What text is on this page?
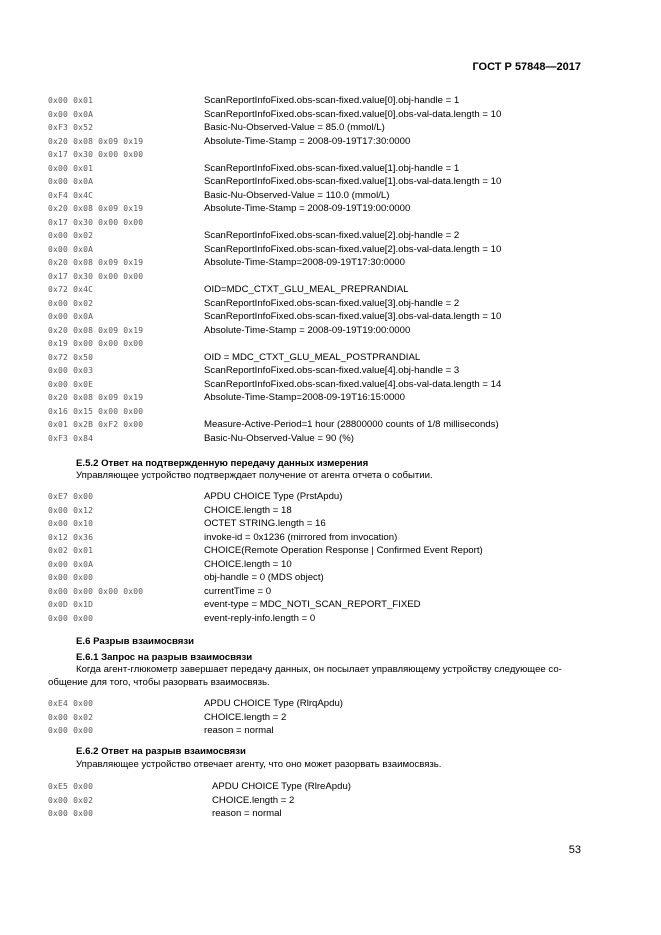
ГОСТ Р 57848—2017
0x00 0x01	ScanReportInfoFixed.obs-scan-fixed.value[0].obj-handle = 1
0x00 0x0A	ScanReportInfoFixed.obs-scan-fixed.value[0].obs-val-data.length = 10
0xF3 0x52	Basic-Nu-Observed-Value = 85.0 (mmol/L)
0x20 0x08 0x09 0x19	Absolute-Time-Stamp = 2008-09-19T17:30:0000
0x17 0x30 0x00 0x00
0x00 0x01	ScanReportInfoFixed.obs-scan-fixed.value[1].obj-handle = 1
0x00 0x0A	ScanReportInfoFixed.obs-scan-fixed.value[1].obs-val-data.length = 10
0xF4 0x4C	Basic-Nu-Observed-Value = 110.0 (mmol/L)
0x20 0x08 0x09 0x19	Absolute-Time-Stamp = 2008-09-19T19:00:0000
0x17 0x30 0x00 0x00
0x00 0x02	ScanReportInfoFixed.obs-scan-fixed.value[2].obj-handle = 2
0x00 0x0A	ScanReportInfoFixed.obs-scan-fixed.value[2].obs-val-data.length = 10
0x20 0x08 0x09 0x19	Absolute-Time-Stamp=2008-09-19T17:30:0000
0x17 0x30 0x00 0x00
0x72 0x4C	OID=MDC_CTXT_GLU_MEAL_PREPRANDIAL
0x00 0x02	ScanReportInfoFixed.obs-scan-fixed.value[3].obj-handle = 2
0x00 0x0A	ScanReportInfoFixed.obs-scan-fixed.value[3].obs-val-data.length = 10
0x20 0x08 0x09 0x19	Absolute-Time-Stamp = 2008-09-19T19:00:0000
0x19 0x00 0x00 0x00
0x72 0x50	OID = MDC_CTXT_GLU_MEAL_POSTPRANDIAL
0x00 0x03	ScanReportInfoFixed.obs-scan-fixed.value[4].obj-handle = 3
0x00 0x0E	ScanReportInfoFixed.obs-scan-fixed.value[4].obs-val-data.length = 14
0x20 0x08 0x09 0x19	Absolute-Time-Stamp=2008-09-19T16:15:0000
0x16 0x15 0x00 0x00
0x01 0x2B 0xF2 0x00	Measure-Active-Period=1 hour (28800000 counts of 1/8 milliseconds)
0xF3 0x84	Basic-Nu-Observed-Value = 90 (%)
E.5.2 Ответ на подтвержденную передачу данных измерения
Управляющее устройство подтверждает получение от агента отчета о событии.
0xE7 0x00	APDU CHOICE Type (PrstApdu)
0x00 0x12	CHOICE.length = 18
0x00 0x10	OCTET STRING.length = 16
0x12 0x36	invoke-id = 0x1236 (mirrored from invocation)
0x02 0x01	CHOICE(Remote Operation Response | Confirmed Event Report)
0x00 0x0A	CHOICE.length = 10
0x00 0x00	obj-handle = 0 (MDS object)
0x00 0x00 0x00 0x00	currentTime = 0
0x0D 0x1D	event-type = MDC_NOTI_SCAN_REPORT_FIXED
0x00 0x00	event-reply-info.length = 0
E.6 Разрыв взаимосвязи
E.6.1 Запрос на разрыв взаимосвязи
Когда агент-глюкометр завершает передачу данных, он посылает управляющему устройству следующее со-
общение для того, чтобы разорвать взаимосвязь.
0xE4 0x00	APDU CHOICE Type (RlrqApdu)
0x00 0x02	CHOICE.length = 2
0x00 0x00	reason = normal
E.6.2 Ответ на разрыв взаимосвязи
Управляющее устройство отвечает агенту, что оно может разорвать взаимосвязь.
0xE5 0x00	APDU CHOICE Type (RlreApdu)
0x00 0x02	CHOICE.length = 2
0x00 0x00	reason = normal
53
